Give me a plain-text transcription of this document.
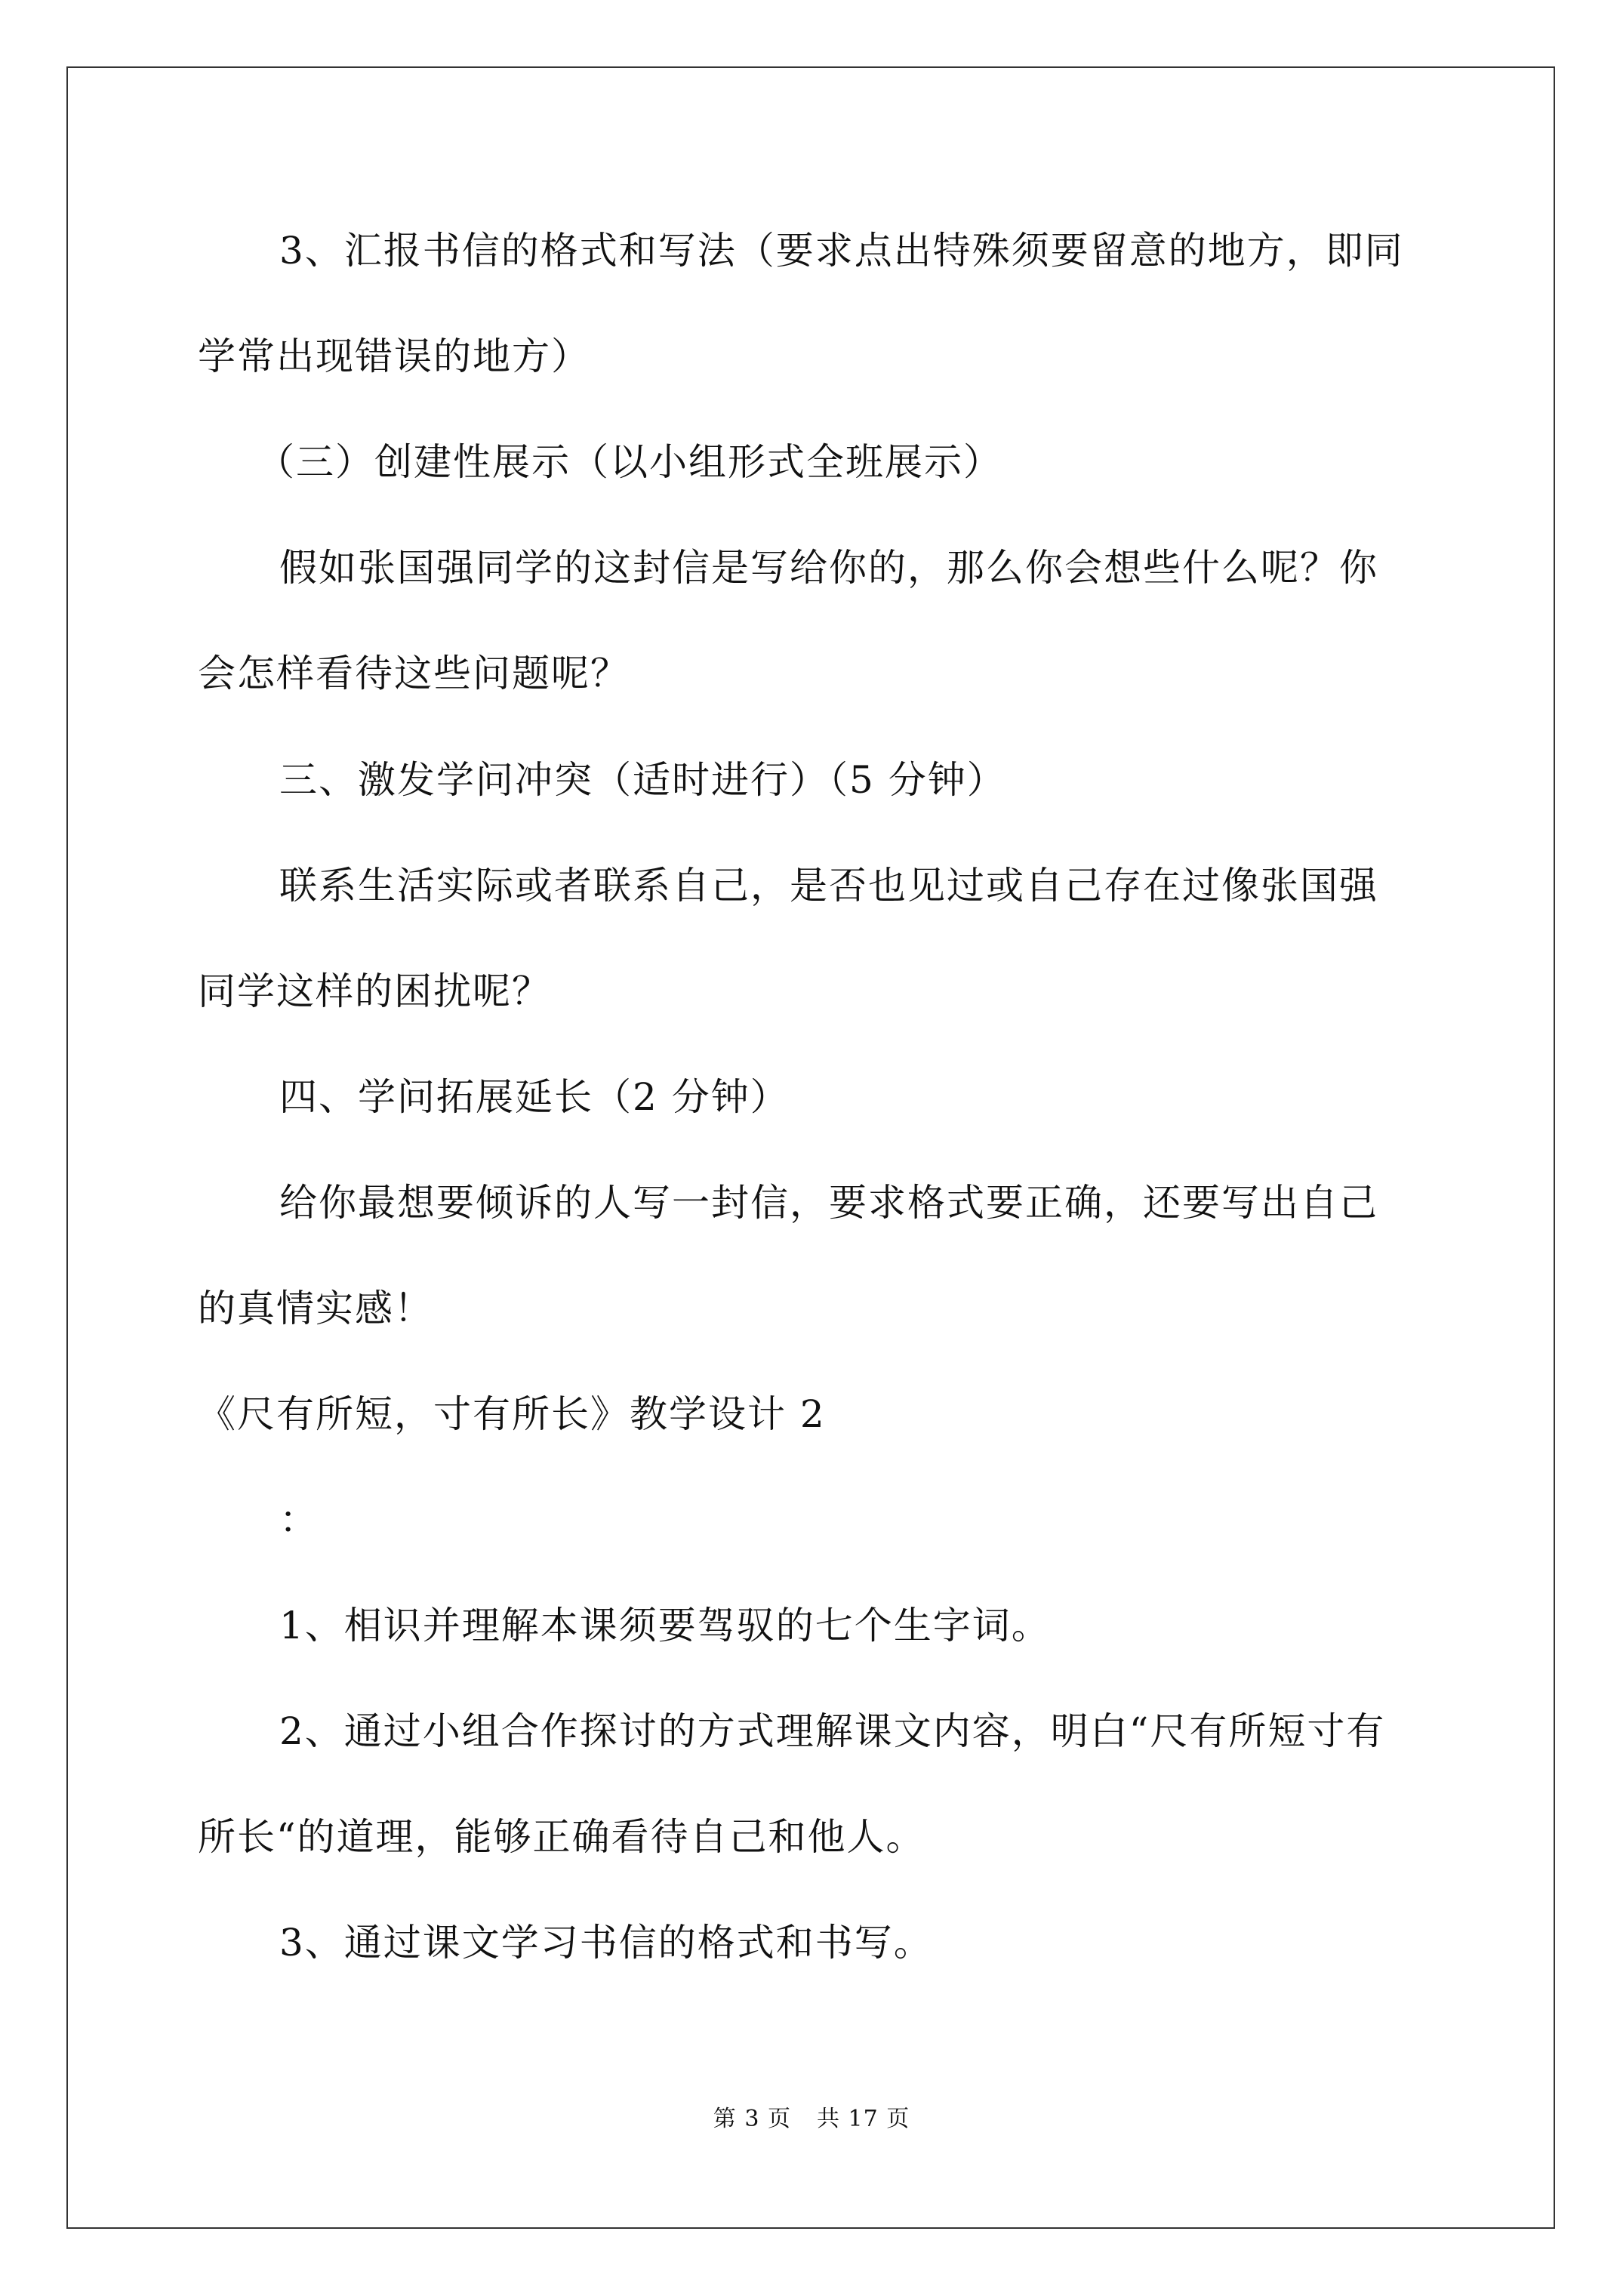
3、汇报书信的格式和写法（要求点出特殊须要留意的地方，即同
学常出现错误的地方）
（三）创建性展示（以小组形式全班展示）
假如张国强同学的这封信是写给你的，那么你会想些什么呢？你
会怎样看待这些问题呢？
三、激发学问冲突（适时进行）（5 分钟）
联系生活实际或者联系自己，是否也见过或自己存在过像张国强
同学这样的困扰呢？
四、学问拓展延长（2 分钟）
给你最想要倾诉的人写一封信，要求格式要正确，还要写出自己
的真情实感！
《尺有所短，寸有所长》教学设计 2
：
1、相识并理解本课须要驾驭的七个生字词。
2、通过小组合作探讨的方式理解课文内容，明白“尺有所短寸有
所长“的道理，能够正确看待自己和他人。
3、通过课文学习书信的格式和书写。
第 3 页 共 17 页
